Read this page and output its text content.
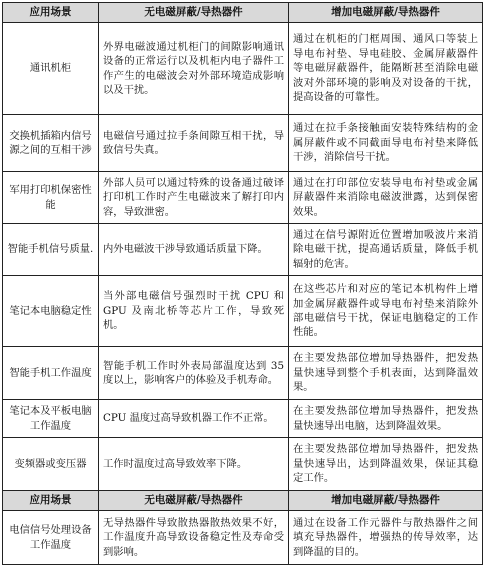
应用场景	无电磁屏蔽/导热器件	增加电磁屏蔽/导热器件
通讯机柜	外界电磁波通过机柜门的间隙影响通讯设备的正常运行以及机柜内电子器件工作产生的电磁波会对外部环境造成影响以及干扰。	通过在机柜的门框周围、通风口等装上导电布衬垫、导电硅胶、金属屏蔽器件等电磁屏蔽器件，能隔断甚至消除电磁波对外部环境的影响及对设备的干扰，提高设备的可靠性。
交换机插箱内信号源之间的互相干涉	电磁信号通过拉手条间隙互相干扰，导致信号失真。	通过在拉手条接触面安装特殊结构的金属屏蔽件或不同截面导电布衬垫来降低干涉，消除信号干扰。
军用打印机保密性能	外部人员可以通过特殊的设备通过破译打印机工作时产生电磁波来了解打印内容，导致泄密。	通过在打印部位安装导电布衬垫或金属屏蔽器件来消除电磁波泄露，达到保密效果。
智能手机信号质量.	内外电磁波干涉导致通话质量下降。	通过在信号源附近位置增加吸波片来消除电磁干扰，提高通话质量，降低手机辐射的危害。
笔记本电脑稳定性	当外部电磁信号强烈时干扰 CPU 和 GPU 及南北桥等芯片工作，导致死机。	在这些芯片和对应的笔记本机构件上增加金属屏蔽器件或导电布衬垫来消除外部电磁信号干扰，保证电脑稳定的工作性能。
智能手机工作温度	智能手机工作时外表局部温度达到 35 度以上，影响客户的体验及手机寿命。	在主要发热部位增加导热器件，把发热量快速导到整个手机表面，达到降温效果。
笔记本及平板电脑工作温度	CPU 温度过高导致机器工作不正常。	在主要发热部位增加导热器件，把发热量快速导出电脑，达到降温效果。
变频器或变压器	工作时温度过高导致效率下降。	在主要发热部位增加导热器件，把发热量快速导出，达到降温效果，保证其稳定工作。
应用场景	无电磁屏蔽/导热器件	增加电磁屏蔽/导热器件
电信信号处理设备工作温度	无导热器件导致散热器散热效果不好，工作温度升高导致设备稳定性及寿命受到影响。	通过在设备工作元器件与散热器件之间填充导热器件，增强热的传导效率，达到降温的目的。
